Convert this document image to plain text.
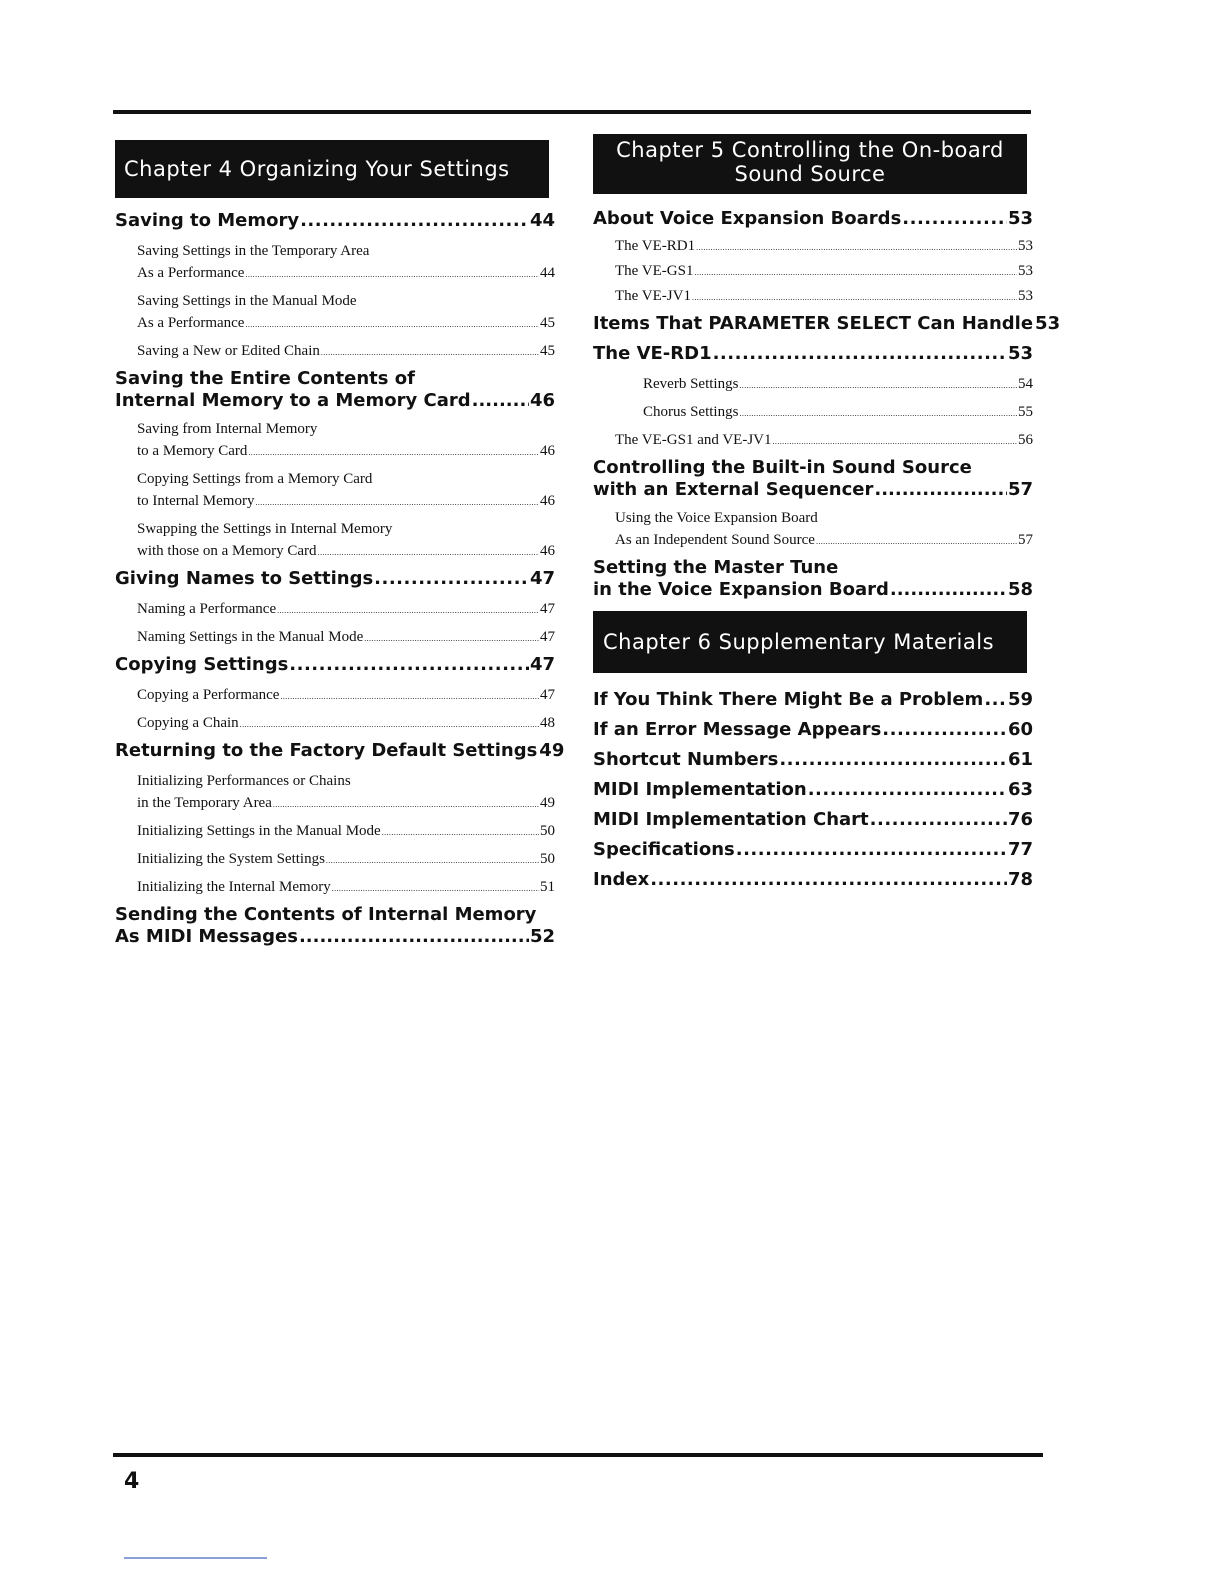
Chapter 4 Organizing Your Settings
Saving to Memory .....	44
Saving Settings in the Temporary Area
As a Performance .....	44
Saving Settings in the Manual Mode
As a Performance .....	45
Saving a New or Edited Chain .....	45
Saving the Entire Contents of
Internal Memory to a Memory Card .....	46
Saving from Internal Memory
to a Memory Card .....	46
Copying Settings from a Memory Card
to Internal Memory .....	46
Swapping the Settings in Internal Memory
with those on a Memory Card .....	46
Giving Names to Settings .....	47
Naming a Performance .....	47
Naming Settings in the Manual Mode .....	47
Copying Settings .....	47
Copying a Performance .....	47
Copying a Chain .....	48
Returning to the Factory Default Settings 49
Initializing Performances or Chains
in the Temporary Area .....	49
Initializing Settings in the Manual Mode .....	50
Initializing the System Settings .....	50
Initializing the Internal Memory .....	51
Sending the Contents of Internal Memory
As MIDI Messages .....	52
Chapter 5 Controlling the On-board
Sound Source
About Voice Expansion Boards .....	53
The VE-RD1 .....	53
The VE-GS1 .....	53
The VE-JV1 .....	53
Items That PARAMETER SELECT Can Handle 53
The VE-RD1 .....	53
Reverb Settings .....	54
Chorus Settings .....	55
The VE-GS1 and VE-JV1 .....	56
Controlling the Built-in Sound Source
with an External Sequencer .....	57
Using the Voice Expansion Board
As an Independent Sound Source .....	57
Setting the Master Tune
in the Voice Expansion Board .....	58
Chapter 6 Supplementary Materials
If You Think There Might Be a Problem ..... 59
If an Error Message Appears .....	60
Shortcut Numbers .....	61
MIDI Implementation .....	63
MIDI Implementation Chart .....	76
Specifications .....	77
Index .....	78
4
